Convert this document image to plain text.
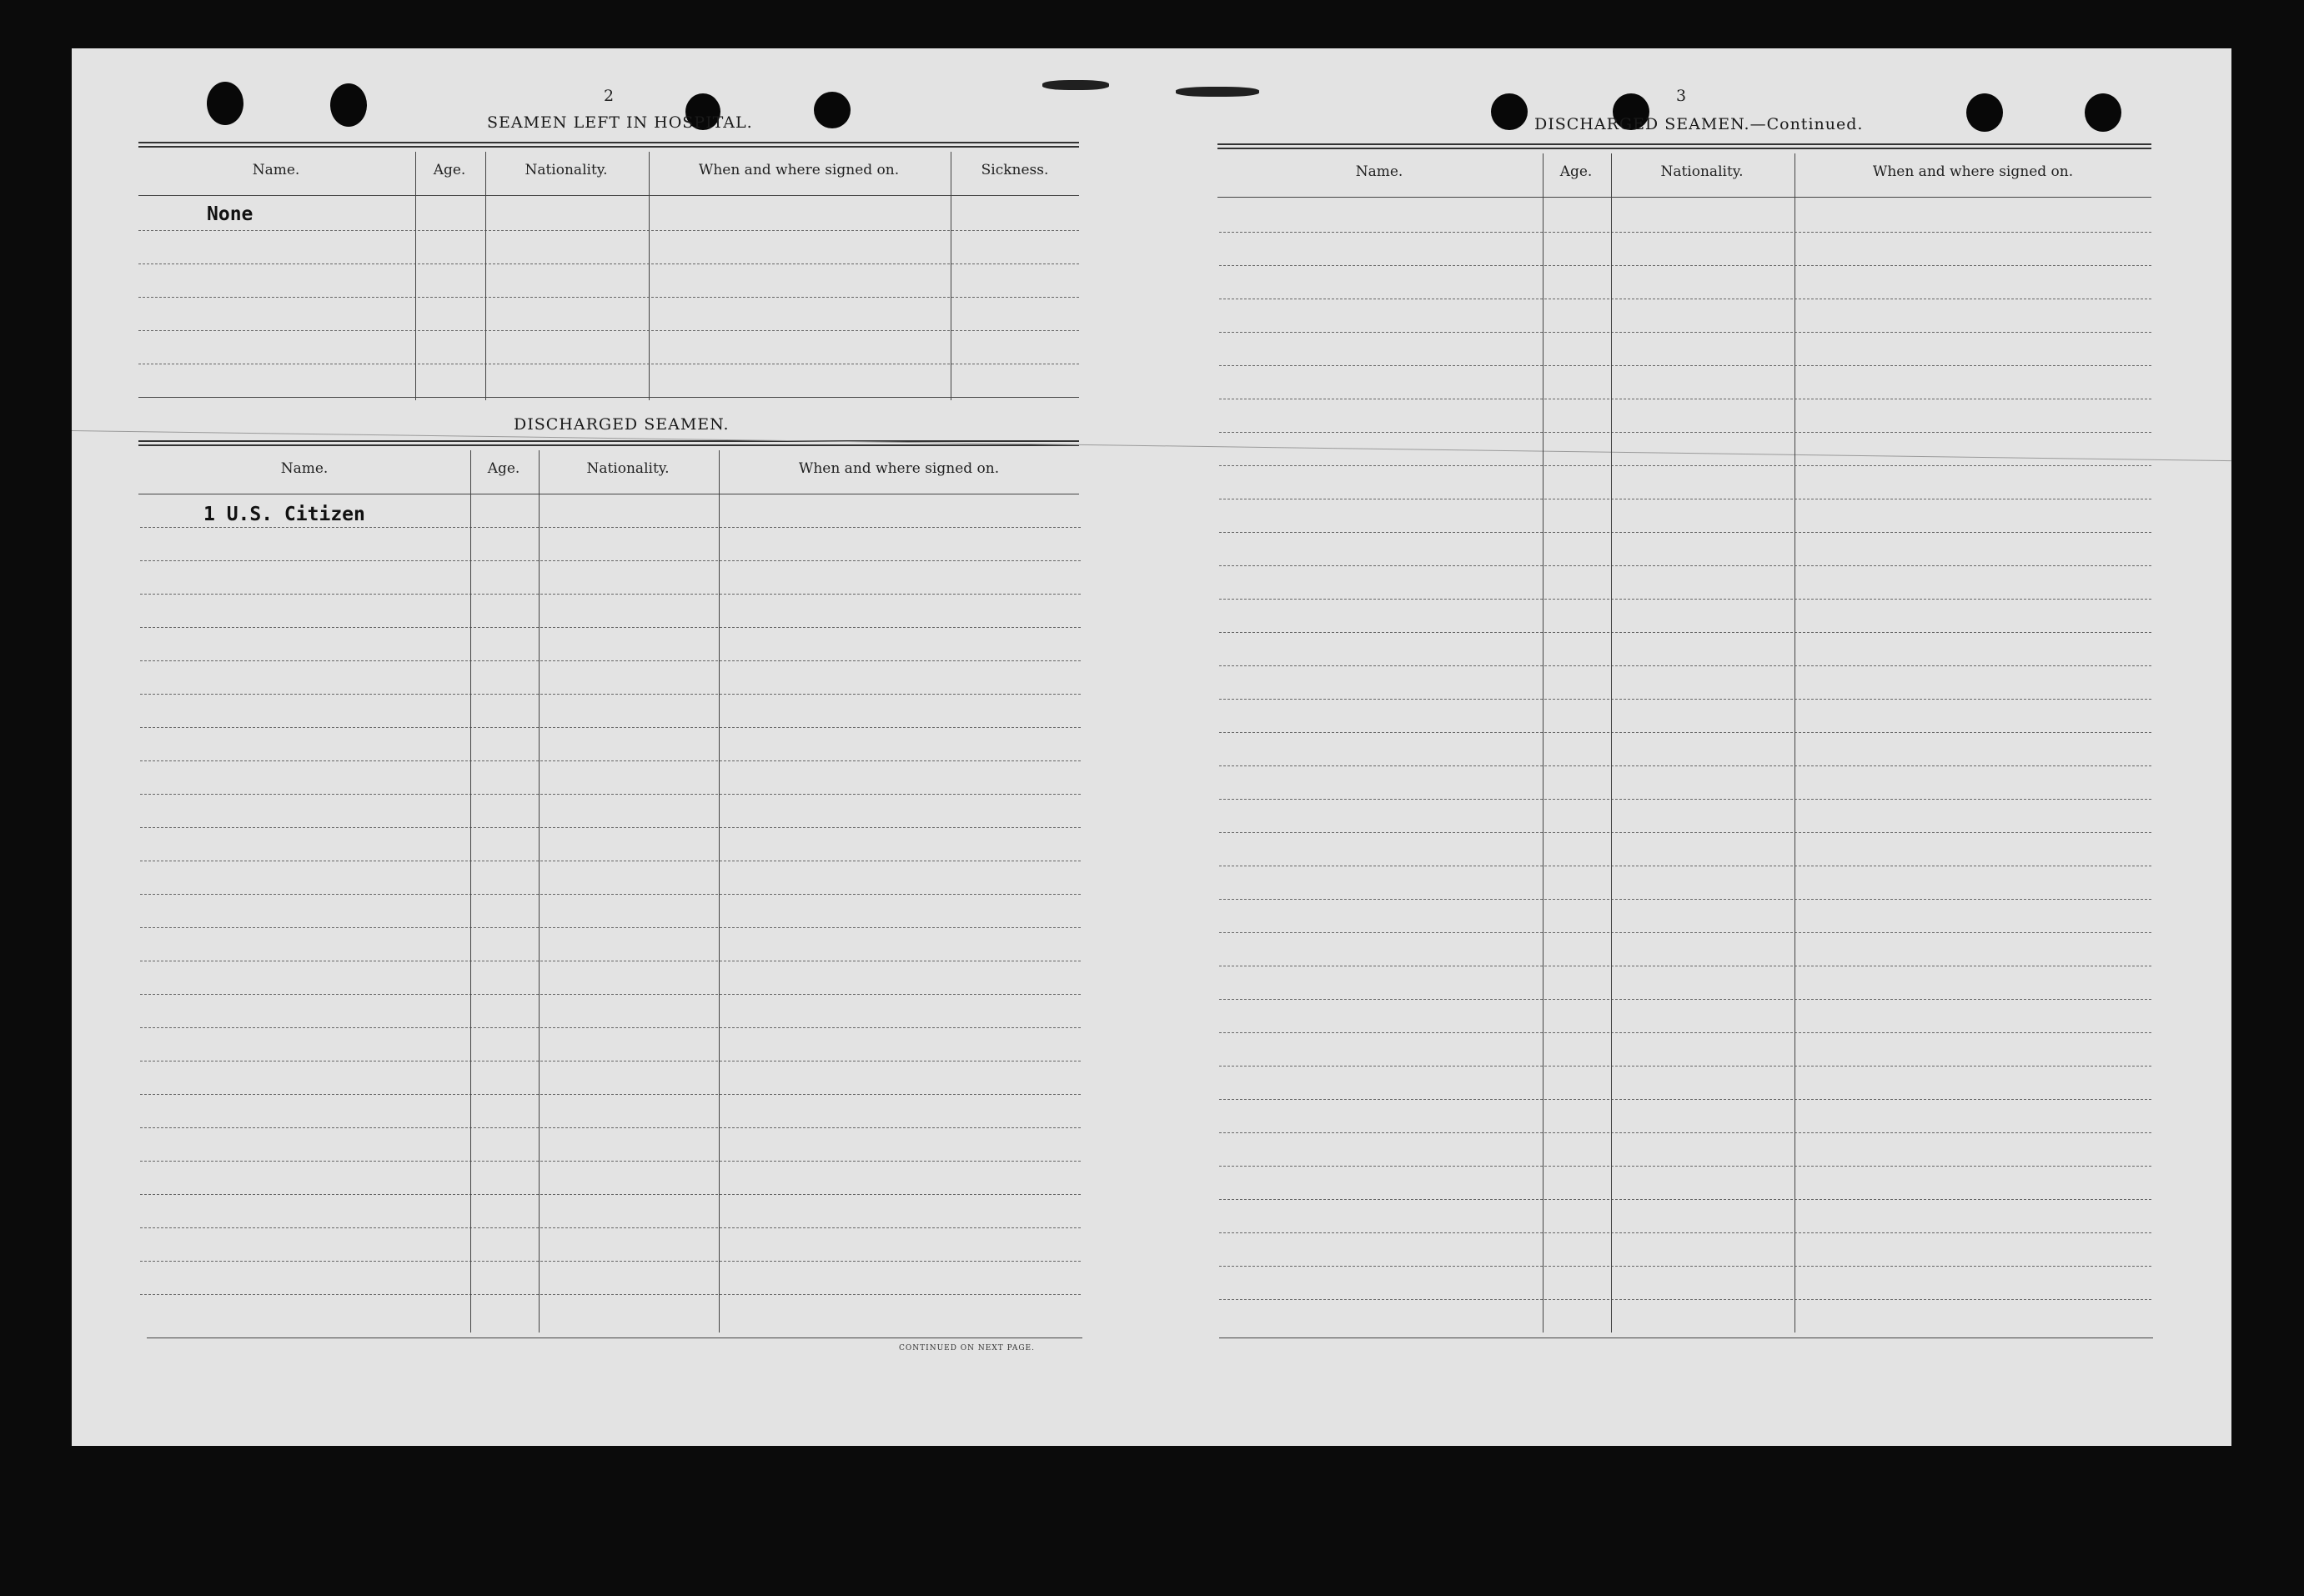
2
SEAMEN LEFT IN HOSPITAL.
Name.	Age.	Nationality.	When and where signed on.	Sickness.
None
DISCHARGED SEAMEN.
Name.	Age.	Nationality.	When and where signed on.
1 U.S. Citizen
CONTINUED ON NEXT PAGE.
3
DISCHARGED SEAMEN.—Continued.
Name.	Age.	Nationality.	When and where signed on.
